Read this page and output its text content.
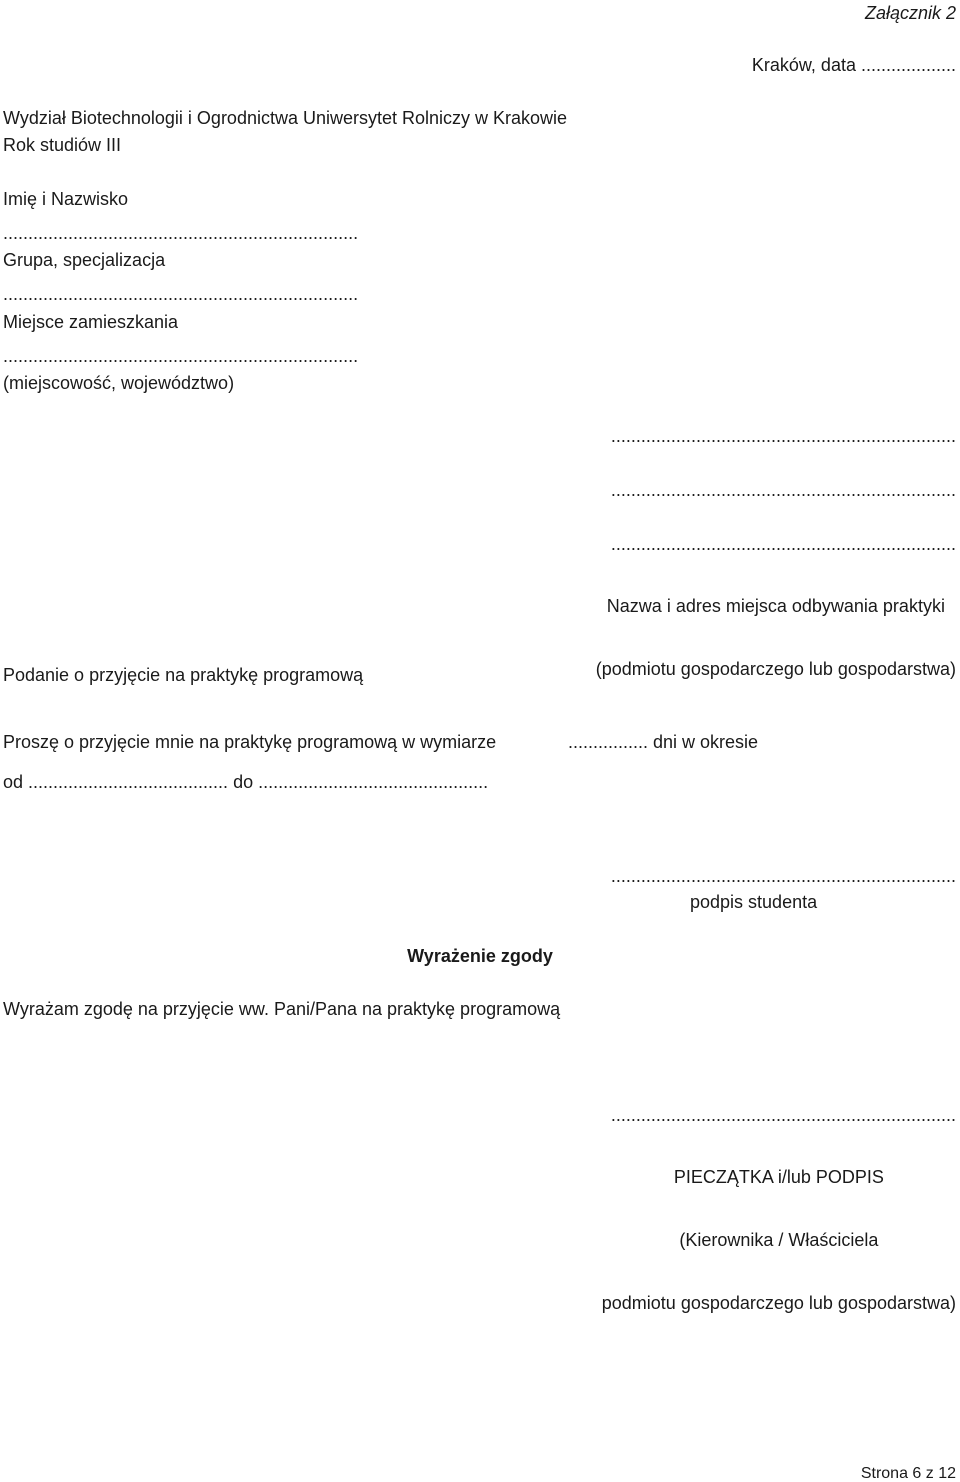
Załącznik 2
Kraków, data ...................
Wydział Biotechnologii i Ogrodnictwa Uniwersytet Rolniczy w Krakowie
Rok studiów III
Imię i Nazwisko
.......................................................................
Grupa, specjalizacja
.......................................................................
Miejsce zamieszkania
.......................................................................
(miejscowość, województwo)
.....................................................................
.....................................................................
.....................................................................

Nazwa i adres miejsca odbywania praktyki

(podmiotu gospodarczego lub gospodarstwa)

Podanie o przyjęcie na praktykę programową
Proszę o przyjęcie mnie na praktykę programową w wymiarze	................ dni w okresie
od ........................................ do ..............................................
.....................................................................
podpis studenta
Wyrażenie zgody
Wyrażam zgodę na przyjęcie ww. Pani/Pana na praktykę programową
.....................................................................

PIECZĄTKA i/lub PODPIS

(Kierownika / Właściciela

podmiotu gospodarczego lub gospodarstwa)

Strona 6 z 12
